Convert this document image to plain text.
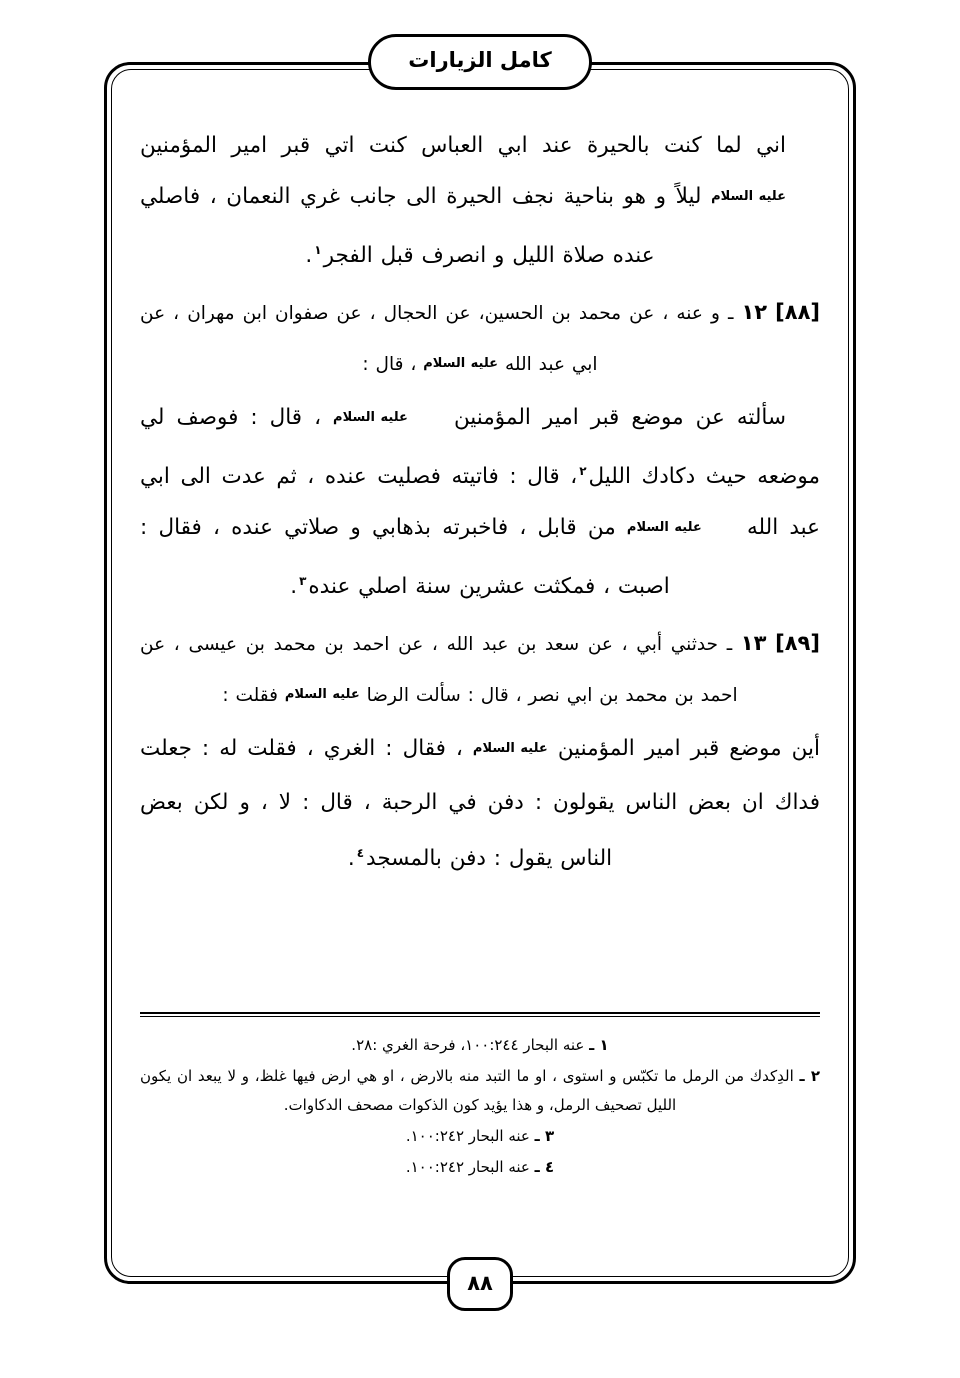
كامل الزيارات

اني لما كنت بالحيرة عند ابي العباس كنت اتي قبر امير المؤمنين عليه السلام ليلاً و هو بناحية نجف الحيرة الى جانب غري النعمان ، فاصلي عنده صلاة الليل و انصرف قبل الفجر$^١$.

[٨٨] ١٢ ـ و عنه ، عن محمد بن الحسين، عن الحجال ، عن صفوان ابن مهران ، عن ابي عبد الله عليه السلام ، قال :

سألته عن موضع قبر امير المؤمنين عليه السلام ، قال : فوصف لي موضعه حيث دكادك الليل$^٢$، قال : فاتيته فصليت عنده ، ثم عدت الى ابي عبد الله عليه السلام من قابل ، فاخبرته بذهابي و صلاتي عنده ، فقال : اصبت ، فمكثت عشرين سنة اصلي عنده$^٣$.

[٨٩] ١٣ ـ حدثني أبي ، عن سعد بن عبد الله ، عن احمد بن محمد بن عيسى ، عن احمد بن محمد بن ابي نصر ، قال : سألت الرضا عليه السلام فقلت :

أين موضع قبر امير المؤمنين عليه السلام ، فقال : الغري ، فقلت له : جعلت فداك ان بعض الناس يقولون : دفن في الرحبة ، قال : لا ، و لكن بعض الناس يقول : دفن بالمسجد$^٤$.

١ ـ عنه البحار ١٠٠:٢٤٤، فرحة الغري :٢٨.

٢ ـ الدِكدك من الرمل ما تكبّس و استوى ، او ما التبد منه بالارض ، او هي ارض فيها غلظ، و لا يبعد ان يكون الليل تصحيف الرمل، و هذا يؤيد كون الذكوات مصحف الدكاوات.

٣ ـ عنه البحار ١٠٠:٢٤٢.

٤ ـ عنه البحار ١٠٠:٢٤٢.

٨٨
